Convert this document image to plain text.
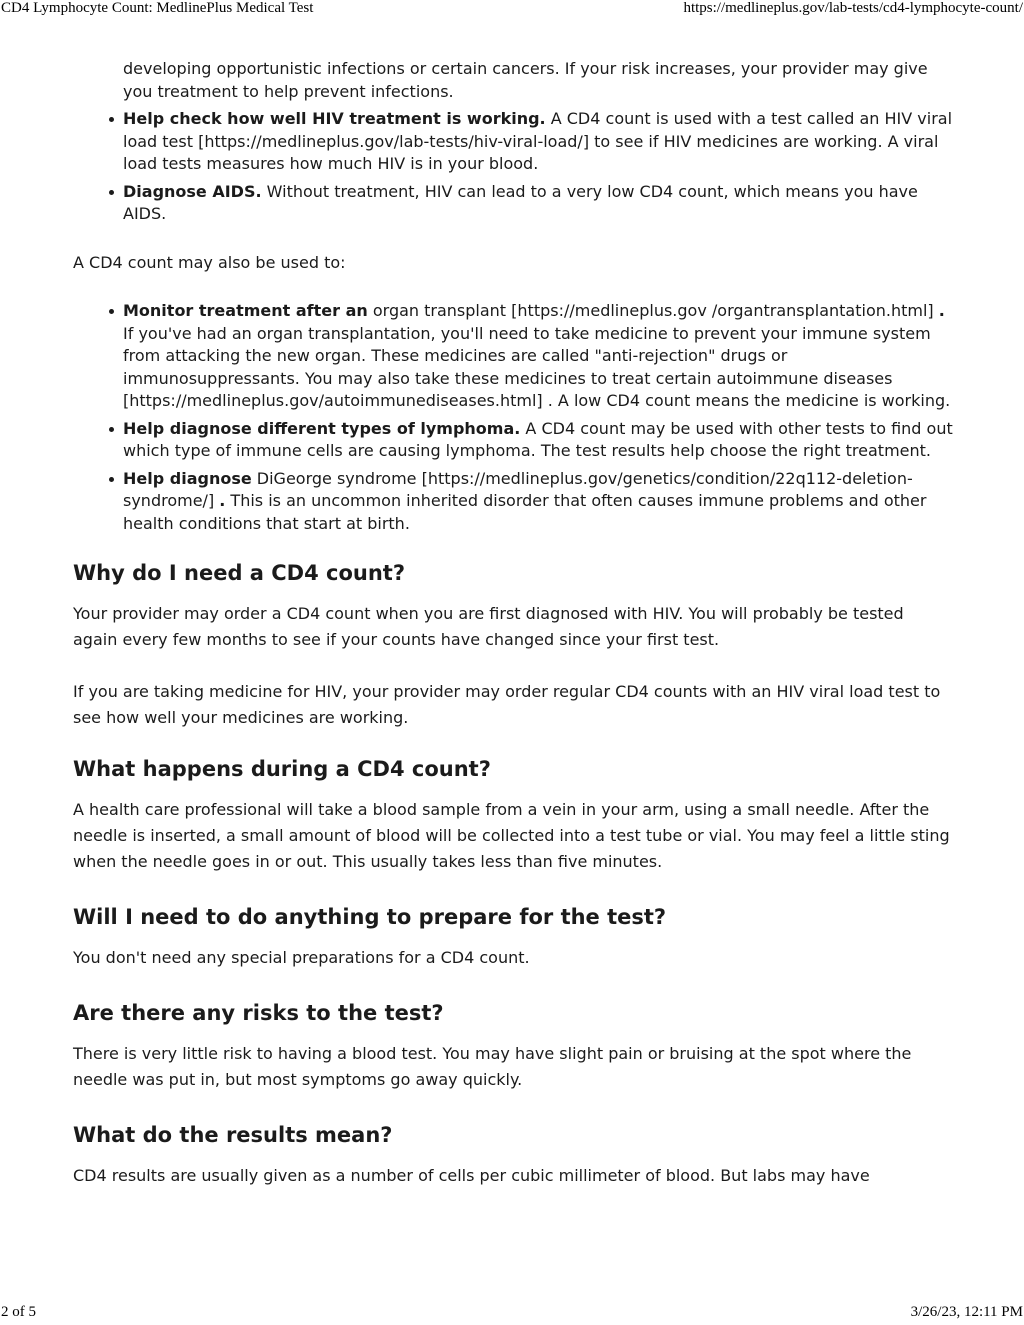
CD4 Lymphocyte Count: MedlinePlus Medical Test	https://medlineplus.gov/lab-tests/cd4-lymphocyte-count/
developing opportunistic infections or certain cancers. If your risk increases, your provider may give you treatment to help prevent infections.
Help check how well HIV treatment is working. A CD4 count is used with a test called an HIV viral load test [https://medlineplus.gov/lab-tests/hiv-viral-load/] to see if HIV medicines are working. A viral load tests measures how much HIV is in your blood.
Diagnose AIDS. Without treatment, HIV can lead to a very low CD4 count, which means you have AIDS.

A CD4 count may also be used to:

Monitor treatment after an organ transplant [https://medlineplus.gov /organtransplantation.html] . If you've had an organ transplantation, you'll need to take medicine to prevent your immune system from attacking the new organ. These medicines are called "anti-rejection" drugs or immunosuppressants. You may also take these medicines to treat certain autoimmune diseases [https://medlineplus.gov/autoimmunediseases.html] . A low CD4 count means the medicine is working.
Help diagnose different types of lymphoma. A CD4 count may be used with other tests to find out which type of immune cells are causing lymphoma. The test results help choose the right treatment.
Help diagnose DiGeorge syndrome [https://medlineplus.gov/genetics/condition/22q112-deletion-syndrome/] . This is an uncommon inherited disorder that often causes immune problems and other health conditions that start at birth.
Why do I need a CD4 count?

Your provider may order a CD4 count when you are first diagnosed with HIV. You will probably be tested again every few months to see if your counts have changed since your first test.

If you are taking medicine for HIV, your provider may order regular CD4 counts with an HIV viral load test to see how well your medicines are working.

What happens during a CD4 count?

A health care professional will take a blood sample from a vein in your arm, using a small needle. After the needle is inserted, a small amount of blood will be collected into a test tube or vial. You may feel a little sting when the needle goes in or out. This usually takes less than five minutes.

Will I need to do anything to prepare for the test?

You don't need any special preparations for a CD4 count.

Are there any risks to the test?

There is very little risk to having a blood test. You may have slight pain or bruising at the spot where the needle was put in, but most symptoms go away quickly.

What do the results mean?

CD4 results are usually given as a number of cells per cubic millimeter of blood. But labs may have

2 of 5	3/26/23, 12:11 PM
